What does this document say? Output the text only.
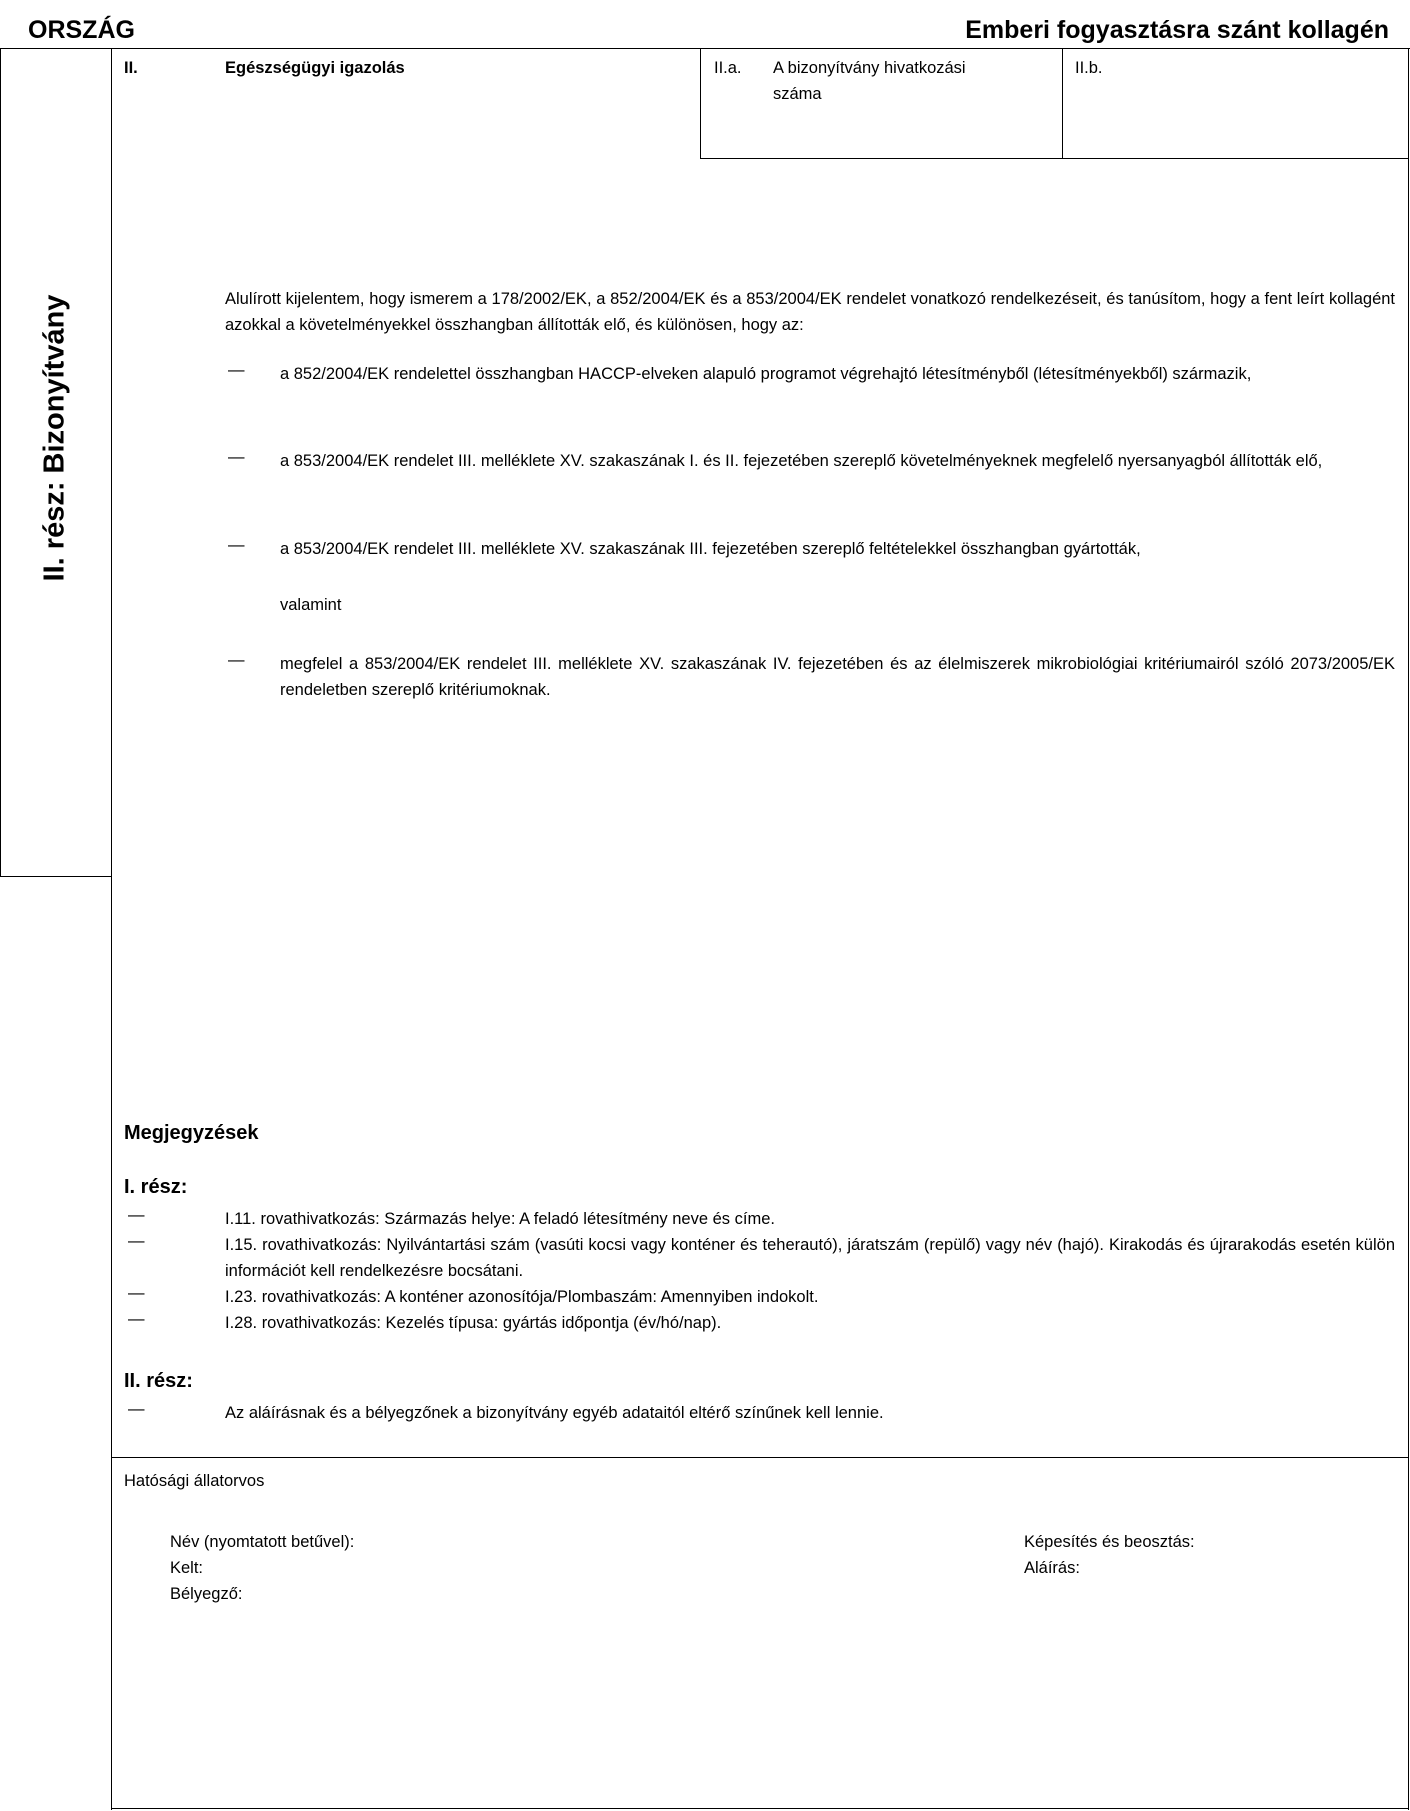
ORSZÁG	Emberi fogyasztásra szánt kollagén
II. rész: Bizonyítvány
II.	Egészségügyi igazolás	II.a. A bizonyítvány hivatkozási
száma
II.b.
Alulírott kijelentem, hogy ismerem a 178/2002/EK, a 852/2004/EK és a 853/2004/EK rendelet vonatkozó rendelkezéseit, és tanúsítom, hogy a fent leírt kollagént azokkal a követelményekkel összhangban állították elő, és különösen, hogy az:
— a 852/2004/EK rendelettel összhangban HACCP-elveken alapuló programot végrehajtó létesítményből (létesítményekből) származik,
— a 853/2004/EK rendelet III. melléklete XV. szakaszának I. és II. fejezetében szereplő követelményeknek megfelelő nyersanyagból állították elő,
— a 853/2004/EK rendelet III. melléklete XV. szakaszának III. fejezetében szereplő feltételekkel összhangban gyártották,
valamint
— megfelel a 853/2004/EK rendelet III. melléklete XV. szakaszának IV. fejezetében és az élelmiszerek mikrobiológiai kritériumairól szóló 2073/2005/EK rendeletben szereplő kritériumoknak.
Megjegyzések
I. rész:
—	I.11. rovathivatkozás: Származás helye: A feladó létesítmény neve és címe.
—	I.15. rovathivatkozás: Nyilvántartási szám (vasúti kocsi vagy konténer és teherautó), járatszám (repülő) vagy név (hajó). Kirakodás és újrarakodás esetén külön információt kell rendelkezésre bocsátani.
—	I.23. rovathivatkozás: A konténer azonosítója/Plombaszám: Amennyiben indokolt.
—	I.28. rovathivatkozás: Kezelés típusa: gyártás időpontja (év/hó/nap).
II. rész:
—	Az aláírásnak és a bélyegzőnek a bizonyítvány egyéb adataitól eltérő színűnek kell lennie.
Hatósági állatorvos
Név (nyomtatott betűvel):
Kelt:
Bélyegző:
Képesítés és beosztás:
Aláírás:
